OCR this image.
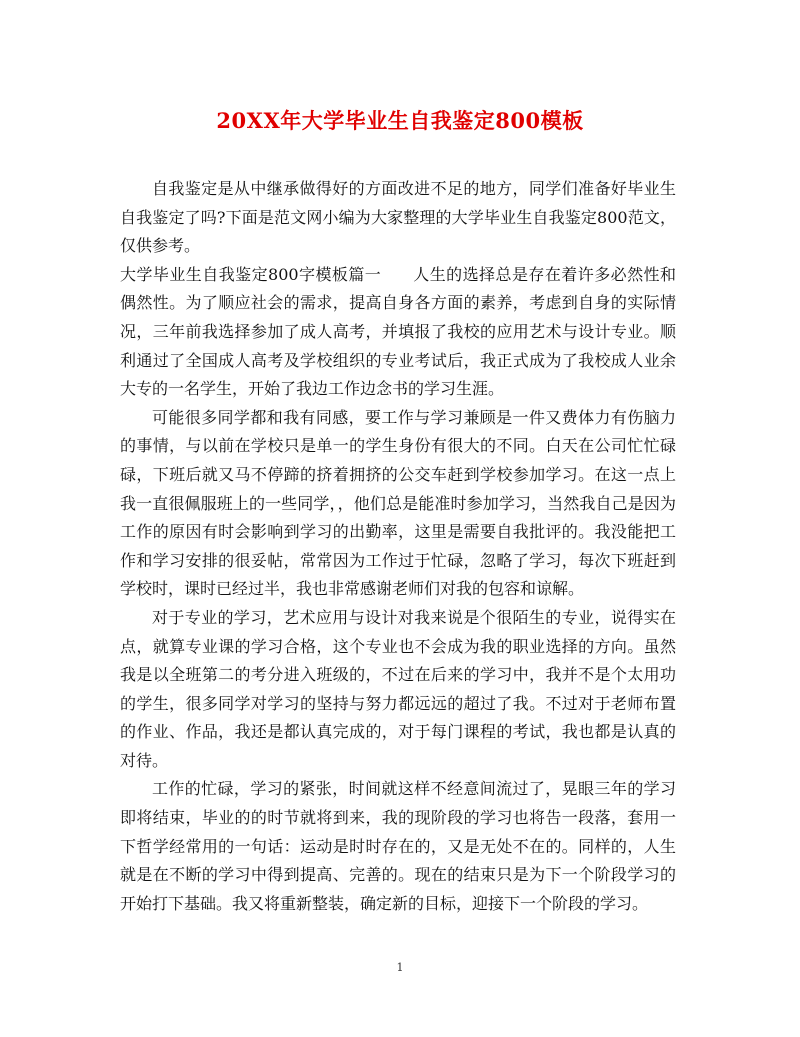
20XX年大学毕业生自我鉴定800模板

自我鉴定是从中继承做得好的方面改进不足的地方，同学们准备好毕业生自我鉴定了吗?下面是范文网小编为大家整理的大学毕业生自我鉴定800范文，仅供参考。

大学毕业生自我鉴定800字模板篇一 人生的选择总是存在着许多必然性和偶然性。为了顺应社会的需求，提高自身各方面的素养，考虑到自身的实际情况，三年前我选择参加了成人高考，并填报了我校的应用艺术与设计专业。顺利通过了全国成人高考及学校组织的专业考试后，我正式成为了我校成人业余大专的一名学生，开始了我边工作边念书的学习生涯。

可能很多同学都和我有同感，要工作与学习兼顾是一件又费体力有伤脑力的事情，与以前在学校只是单一的学生身份有很大的不同。白天在公司忙忙碌碌，下班后就又马不停蹄的挤着拥挤的公交车赶到学校参加学习。在这一点上我一直很佩服班上的一些同学，，他们总是能准时参加学习，当然我自己是因为工作的原因有时会影响到学习的出勤率，这里是需要自我批评的。我没能把工作和学习安排的很妥帖，常常因为工作过于忙碌，忽略了学习，每次下班赶到学校时，课时已经过半，我也非常感谢老师们对我的包容和谅解。

对于专业的学习，艺术应用与设计对我来说是个很陌生的专业，说得实在点，就算专业课的学习合格，这个专业也不会成为我的职业选择的方向。虽然我是以全班第二的考分进入班级的，不过在后来的学习中，我并不是个太用功的学生，很多同学对学习的坚持与努力都远远的超过了我。不过对于老师布置的作业、作品，我还是都认真完成的，对于每门课程的考试，我也都是认真的对待。

工作的忙碌，学习的紧张，时间就这样不经意间流过了，晃眼三年的学习即将结束，毕业的的时节就将到来，我的现阶段的学习也将告一段落，套用一下哲学经常用的一句话：运动是时时存在的，又是无处不在的。同样的，人生就是在不断的学习中得到提高、完善的。现在的结束只是为下一个阶段学习的开始打下基础。我又将重新整装，确定新的目标，迎接下一个阶段的学习。

1
